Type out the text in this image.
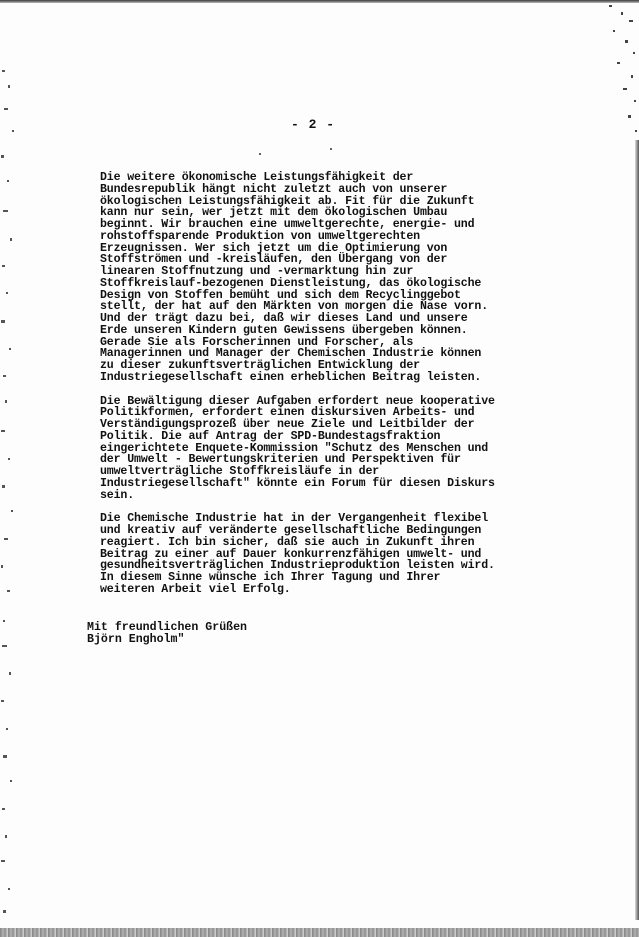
- 2 -

Die weitere ökonomische Leistungsfähigkeit der
Bundesrepublik hängt nicht zuletzt auch von unserer
ökologischen Leistungsfähigkeit ab. Fit für die Zukunft
kann nur sein, wer jetzt mit dem ökologischen Umbau
beginnt. Wir brauchen eine umweltgerechte, energie- und
rohstoffsparende Produktion von umweltgerechten
Erzeugnissen. Wer sich jetzt um die Optimierung von
Stoffströmen und -kreisläufen, den Übergang von der
linearen Stoffnutzung und -vermarktung hin zur
Stoffkreislauf-bezogenen Dienstleistung, das ökologische
Design von Stoffen bemüht und sich dem Recyclinggebot
stellt, der hat auf den Märkten von morgen die Nase vorn.
Und der trägt dazu bei, daß wir dieses Land und unsere
Erde unseren Kindern guten Gewissens übergeben können.
Gerade Sie als Forscherinnen und Forscher, als
Managerinnen und Manager der Chemischen Industrie können
zu dieser zukunftsverträglichen Entwicklung der
Industriegesellschaft einen erheblichen Beitrag leisten.

Die Bewältigung dieser Aufgaben erfordert neue kooperative
Politikformen, erfordert einen diskursiven Arbeits- und
Verständigungsprozeß über neue Ziele und Leitbilder der
Politik. Die auf Antrag der SPD-Bundestagsfraktion
eingerichtete Enquete-Kommission "Schutz des Menschen und
der Umwelt - Bewertungskriterien und Perspektiven für
umweltverträgliche Stoffkreisläufe in der
Industriegesellschaft" könnte ein Forum für diesen Diskurs
sein.

Die Chemische Industrie hat in der Vergangenheit flexibel
und kreativ auf veränderte gesellschaftliche Bedingungen
reagiert. Ich bin sicher, daß sie auch in Zukunft ihren
Beitrag zu einer auf Dauer konkurrenzfähigen umwelt- und
gesundheitsverträglichen Industrieproduktion leisten wird.
In diesem Sinne wünsche ich Ihrer Tagung und Ihrer
weiteren Arbeit viel Erfolg.

Mit freundlichen Grüßen
Björn Engholm"
